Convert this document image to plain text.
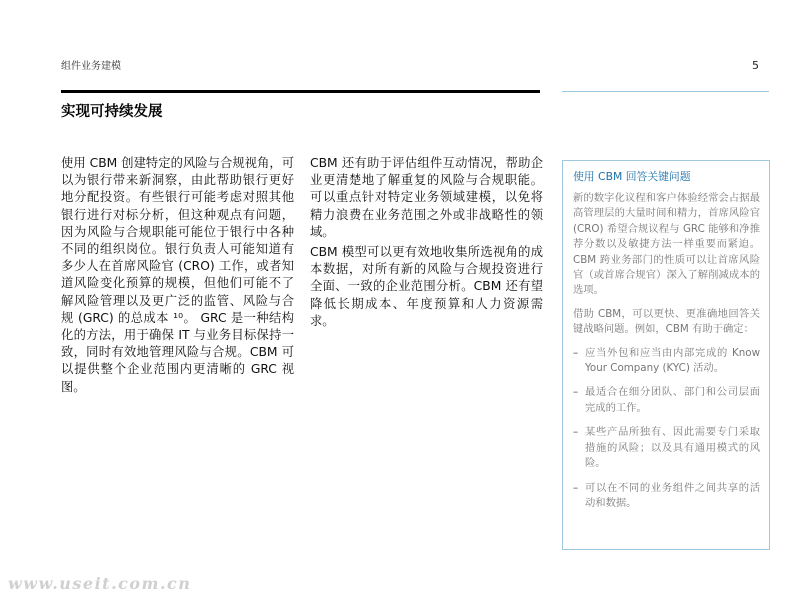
组件业务建模	5
实现可持续发展

使用 CBM 创建特定的风险与合规视角，可以为银行带来新洞察，由此帮助银行更好地分配投资。有些银行可能考虑对照其他银行进行对标分析，但这种观点有问题，因为风险与合规职能可能位于银行中各种不同的组织岗位。银行负责人可能知道有多少人在首席风险官 (CRO) 工作，或者知道风险变化预算的规模，但他们可能不了解风险管理以及更广泛的监管、风险与合规 (GRC) 的总成本 ¹⁰。 GRC 是一种结构化的方法，用于确保 IT 与业务目标保持一致，同时有效地管理风险与合规。CBM 可以提供整个企业范围内更清晰的 GRC 视图。

CBM 还有助于评估组件互动情况，帮助企业更清楚地了解重复的风险与合规职能。可以重点针对特定业务领域建模，以免将精力浪费在业务范围之外或非战略性的领域。

CBM 模型可以更有效地收集所选视角的成本数据，对所有新的风险与合规投资进行全面、一致的企业范围分析。CBM 还有望降低长期成本、年度预算和人力资源需求。

使用 CBM 回答关键问题

新的数字化议程和客户体验经常会占据最高管理层的大量时间和精力，首席风险官 (CRO) 希望合规议程与 GRC 能够和净推荐分数以及敏捷方法一样重要而紧迫。CBM 跨业务部门的性质可以让首席风险官（或首席合规官）深入了解削减成本的选项。

借助 CBM，可以更快、更准确地回答关键战略问题。例如，CBM 有助于确定：

– 应当外包和应当由内部完成的 Know Your Company (KYC) 活动。
– 最适合在细分团队、部门和公司层面完成的工作。
– 某些产品所独有、因此需要专门采取措施的风险；以及具有通用模式的风险。
– 可以在不同的业务组件之间共享的活动和数据。
www.useit.com.cn
